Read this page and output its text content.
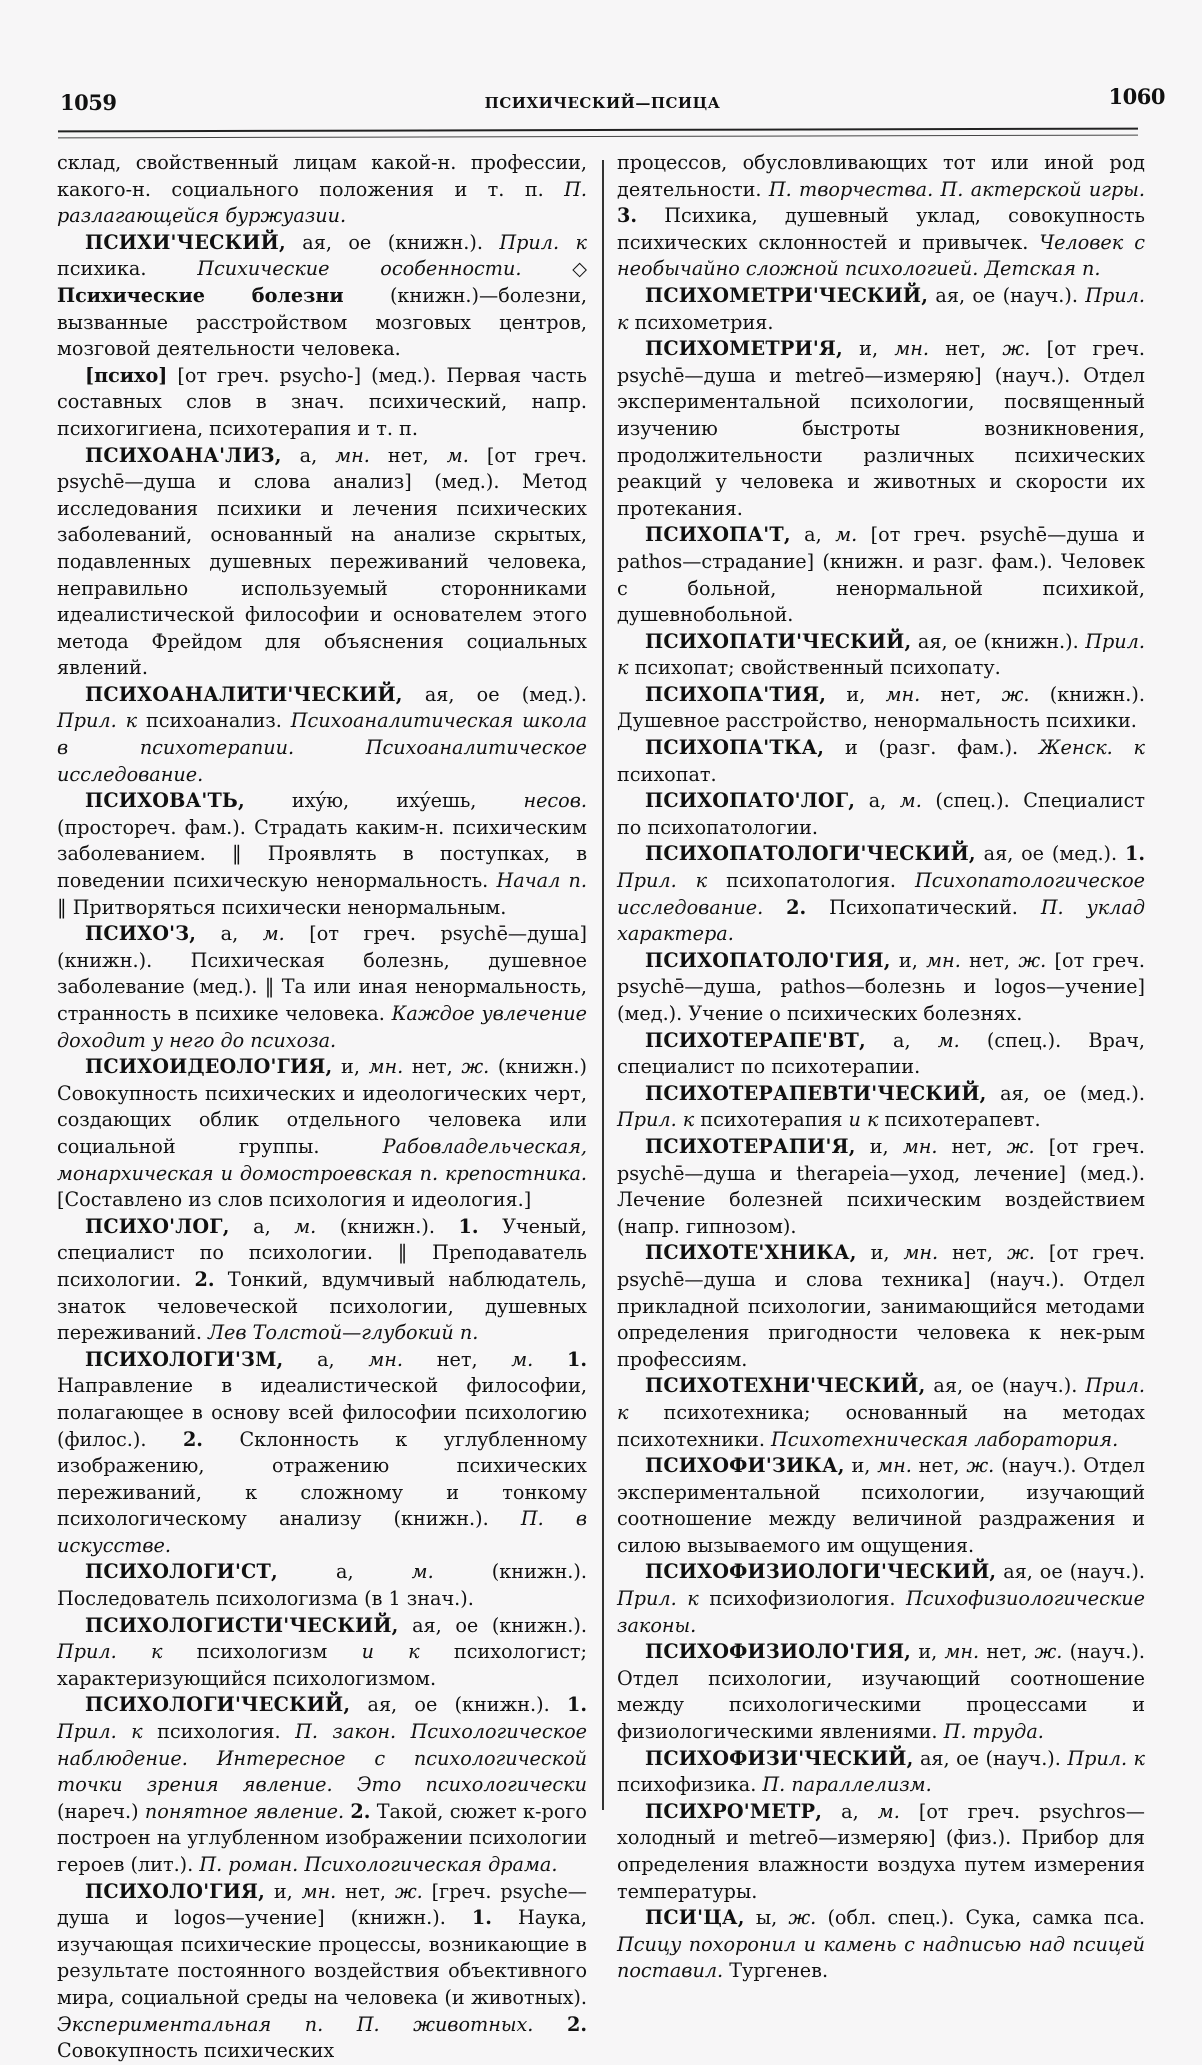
1059	ПСИХИЧЕСКИЙ—ПСИЦА	1060

склад, свойственный лицам какой-н. профессии, какого-н. социального положения и т. п. П. разлагающейся буржуазии.

ПСИХИ'ЧЕСКИЙ, ая, ое (книжн.). Прил. к психика. Психические особенности. ◇ Психические болезни (книжн.)—болезни, вызванные расстройством мозговых центров, мозговой деятельности человека.

[психо] [от греч. psycho-] (мед.). Первая часть составных слов в знач. психический, напр. психогигиена, психотерапия и т. п.

ПСИХОАНА'ЛИЗ, а, мн. нет, м. [от греч. psychē—душа и слова анализ] (мед.). Метод исследования психики и лечения психических заболеваний, основанный на анализе скрытых, подавленных душевных переживаний человека, неправильно используемый сторонниками идеалистической философии и основателем этого метода Фрейдом для объяснения социальных явлений.

ПСИХОАНАЛИТИ'ЧЕСКИЙ, ая, ое (мед.). Прил. к психоанализ. Психоаналитическая школа в психотерапии. Психоаналитическое исследование.

ПСИХОВА'ТЬ, ихýю, ихýешь, несов. (простореч. фам.). Страдать каким-н. психическим заболеванием. ‖ Проявлять в поступках, в поведении психическую ненормальность. Начал п. ‖ Притворяться психически ненормальным.

ПСИХО'З, а, м. [от греч. psychē—душа] (книжн.). Психическая болезнь, душевное заболевание (мед.). ‖ Та или иная ненормальность, странность в психике человека. Каждое увлечение доходит у него до психоза.

ПСИХОИДЕОЛО'ГИЯ, и, мн. нет, ж. (книжн.) Совокупность психических и идеологических черт, создающих облик отдельного человека или социальной группы. Рабовладельческая, монархическая и домостроевская п. крепостника. [Составлено из слов психология и идеология.]

ПСИХО'ЛОГ, а, м. (книжн.). 1. Ученый, специалист по психологии. ‖ Преподаватель психологии. 2. Тонкий, вдумчивый наблюдатель, знаток человеческой психологии, душевных переживаний. Лев Толстой—глубокий п.

ПСИХОЛОГИ'ЗМ, а, мн. нет, м. 1. Направление в идеалистической философии, полагающее в основу всей философии психологию (филос.). 2. Склонность к углубленному изображению, отражению психических переживаний, к сложному и тонкому психологическому анализу (книжн.). П. в искусстве.

ПСИХОЛОГИ'СТ, а, м. (книжн.). Последователь психологизма (в 1 знач.).

ПСИХОЛОГИСТИ'ЧЕСКИЙ, ая, ое (книжн.). Прил. к психологизм и к психологист; характеризующийся психологизмом.

ПСИХОЛОГИ'ЧЕСКИЙ, ая, ое (книжн.). 1. Прил. к психология. П. закон. Психологическое наблюдение. Интересное с психологической точки зрения явление. Это психологически (нареч.) понятное явление. 2. Такой, сюжет к-рого построен на углубленном изображении психологии героев (лит.). П. роман. Психологическая драма.

ПСИХОЛО'ГИЯ, и, мн. нет, ж. [греч. psyche—душа и logos—учение] (книжн.). 1. Наука, изучающая психические процессы, возникающие в результате постоянного воздействия объективного мира, социальной среды на человека (и животных). Экспериментальная п. П. животных. 2. Совокупность психических

процессов, обусловливающих тот или иной род деятельности. П. творчества. П. актерской игры. 3. Психика, душевный уклад, совокупность психических склонностей и привычек. Человек с необычайно сложной психологией. Детская п.

ПСИХОМЕТРИ'ЧЕСКИЙ, ая, ое (науч.). Прил. к психометрия.

ПСИХОМЕТРИ'Я, и, мн. нет, ж. [от греч. psychē—душа и metreō—измеряю] (науч.). Отдел экспериментальной психологии, посвященный изучению быстроты возникновения, продолжительности различных психических реакций у человека и животных и скорости их протекания.

ПСИХОПА'Т, а, м. [от греч. psychē—душа и pathos—страдание] (книжн. и разг. фам.). Человек с больной, ненормальной психикой, душевнобольной.

ПСИХОПАТИ'ЧЕСКИЙ, ая, ое (книжн.). Прил. к психопат; свойственный психопату.

ПСИХОПА'ТИЯ, и, мн. нет, ж. (книжн.). Душевное расстройство, ненормальность психики.

ПСИХОПА'ТКА, и (разг. фам.). Женск. к психопат.

ПСИХОПАТО'ЛОГ, а, м. (спец.). Специалист по психопатологии.

ПСИХОПАТОЛОГИ'ЧЕСКИЙ, ая, ое (мед.). 1. Прил. к психопатология. Психопатологическое исследование. 2. Психопатический. П. уклад характера.

ПСИХОПАТОЛО'ГИЯ, и, мн. нет, ж. [от греч. psychē—душа, pathos—болезнь и logos—учение] (мед.). Учение о психических болезнях.

ПСИХОТЕРАПЕ'ВТ, а, м. (спец.). Врач, специалист по психотерапии.

ПСИХОТЕРАПЕВТИ'ЧЕСКИЙ, ая, ое (мед.). Прил. к психотерапия и к психотерапевт.

ПСИХОТЕРАПИ'Я, и, мн. нет, ж. [от греч. psychē—душа и therapeia—уход, лечение] (мед.). Лечение болезней психическим воздействием (напр. гипнозом).

ПСИХОТЕ'ХНИКА, и, мн. нет, ж. [от греч. psychē—душа и слова техника] (науч.). Отдел прикладной психологии, занимающийся методами определения пригодности человека к нек-рым профессиям.

ПСИХОТЕХНИ'ЧЕСКИЙ, ая, ое (науч.). Прил. к психотехника; основанный на методах психотехники. Психотехническая лаборатория.

ПСИХОФИ'ЗИКА, и, мн. нет, ж. (науч.). Отдел экспериментальной психологии, изучающий соотношение между величиной раздражения и силою вызываемого им ощущения.

ПСИХОФИЗИОЛОГИ'ЧЕСКИЙ, ая, ое (науч.). Прил. к психофизиология. Психофизиологические законы.

ПСИХОФИЗИОЛО'ГИЯ, и, мн. нет, ж. (науч.). Отдел психологии, изучающий соотношение между психологическими процессами и физиологическими явлениями. П. труда.

ПСИХОФИЗИ'ЧЕСКИЙ, ая, ое (науч.). Прил. к психофизика. П. параллелизм.

ПСИХРО'МЕТР, а, м. [от греч. psychros—холодный и metreō—измеряю] (физ.). Прибор для определения влажности воздуха путем измерения температуры.

ПСИ'ЦА, ы, ж. (обл. спец.). Сука, самка пса. Псицу похоронил и камень с надписью над псицей поставил. Тургенев.
